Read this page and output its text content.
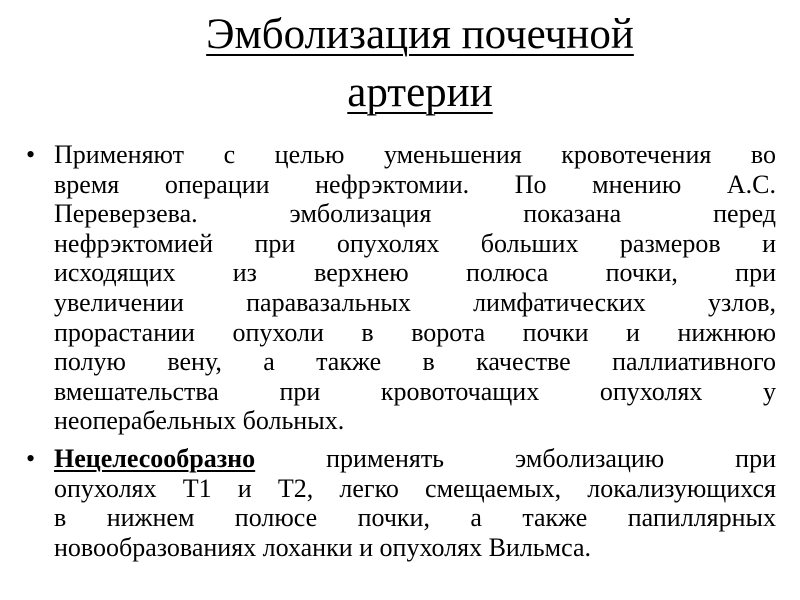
Эмболизация почечной
артерии
• Применяют с целью уменьшения кровотечения во
время операции нефрэктомии. По мнению А.С.
Переверзева. эмболизация показана перед
нефрэктомией при опухолях больших размеров и
исходящих из верхнею полюса почки, при
увеличении паравазальных лимфатических узлов,
прорастании опухоли в ворота почки и нижнюю
полую вену, а также в качестве паллиативного
вмешательства при кровоточащих опухолях у
неоперабельных больных.
• Нецелесообразно применять эмболизацию при
опухолях Т1 и Т2, легко смещаемых, локализующихся
в нижнем полюсе почки, а также папиллярных
новообразованиях лоханки и опухолях Вильмса.
